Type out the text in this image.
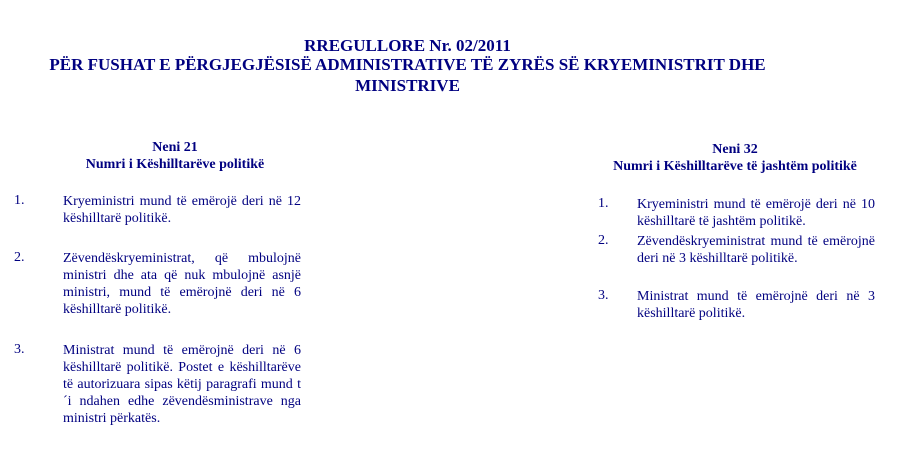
RREGULLORE Nr. 02/2011
PËR FUSHAT E PËRGJEGJËSISË ADMINISTRATIVE TË ZYRËS SË KRYEMINISTRIT DHE
MINISTRIVE
Neni 21
Numri i Këshilltarëve politikë
1.	Kryeministri mund të emërojë deri në 12 këshilltarë politikë.
2.	Zëvendëskryeministrat, që mbulojnë ministri dhe ata që nuk mbulojnë asnjë ministri, mund të emërojnë deri në 6 këshilltarë politikë.
3.	Ministrat mund të emërojnë deri në 6 këshilltarë politikë. Postet e këshilltarëve të autorizuara sipas këtij paragrafi mund t´i ndahen edhe zëvendësministrave nga ministri përkatës.
Neni 32
Numri i Këshilltarëve të jashtëm politikë
1. Kryeministri mund të emërojë deri në 10 këshilltarë të jashtëm politikë.
2. Zëvendëskryeministrat mund të emërojnë deri në 3 këshilltarë politikë.
3. Ministrat mund të emërojnë deri në 3 këshilltarë politikë.
